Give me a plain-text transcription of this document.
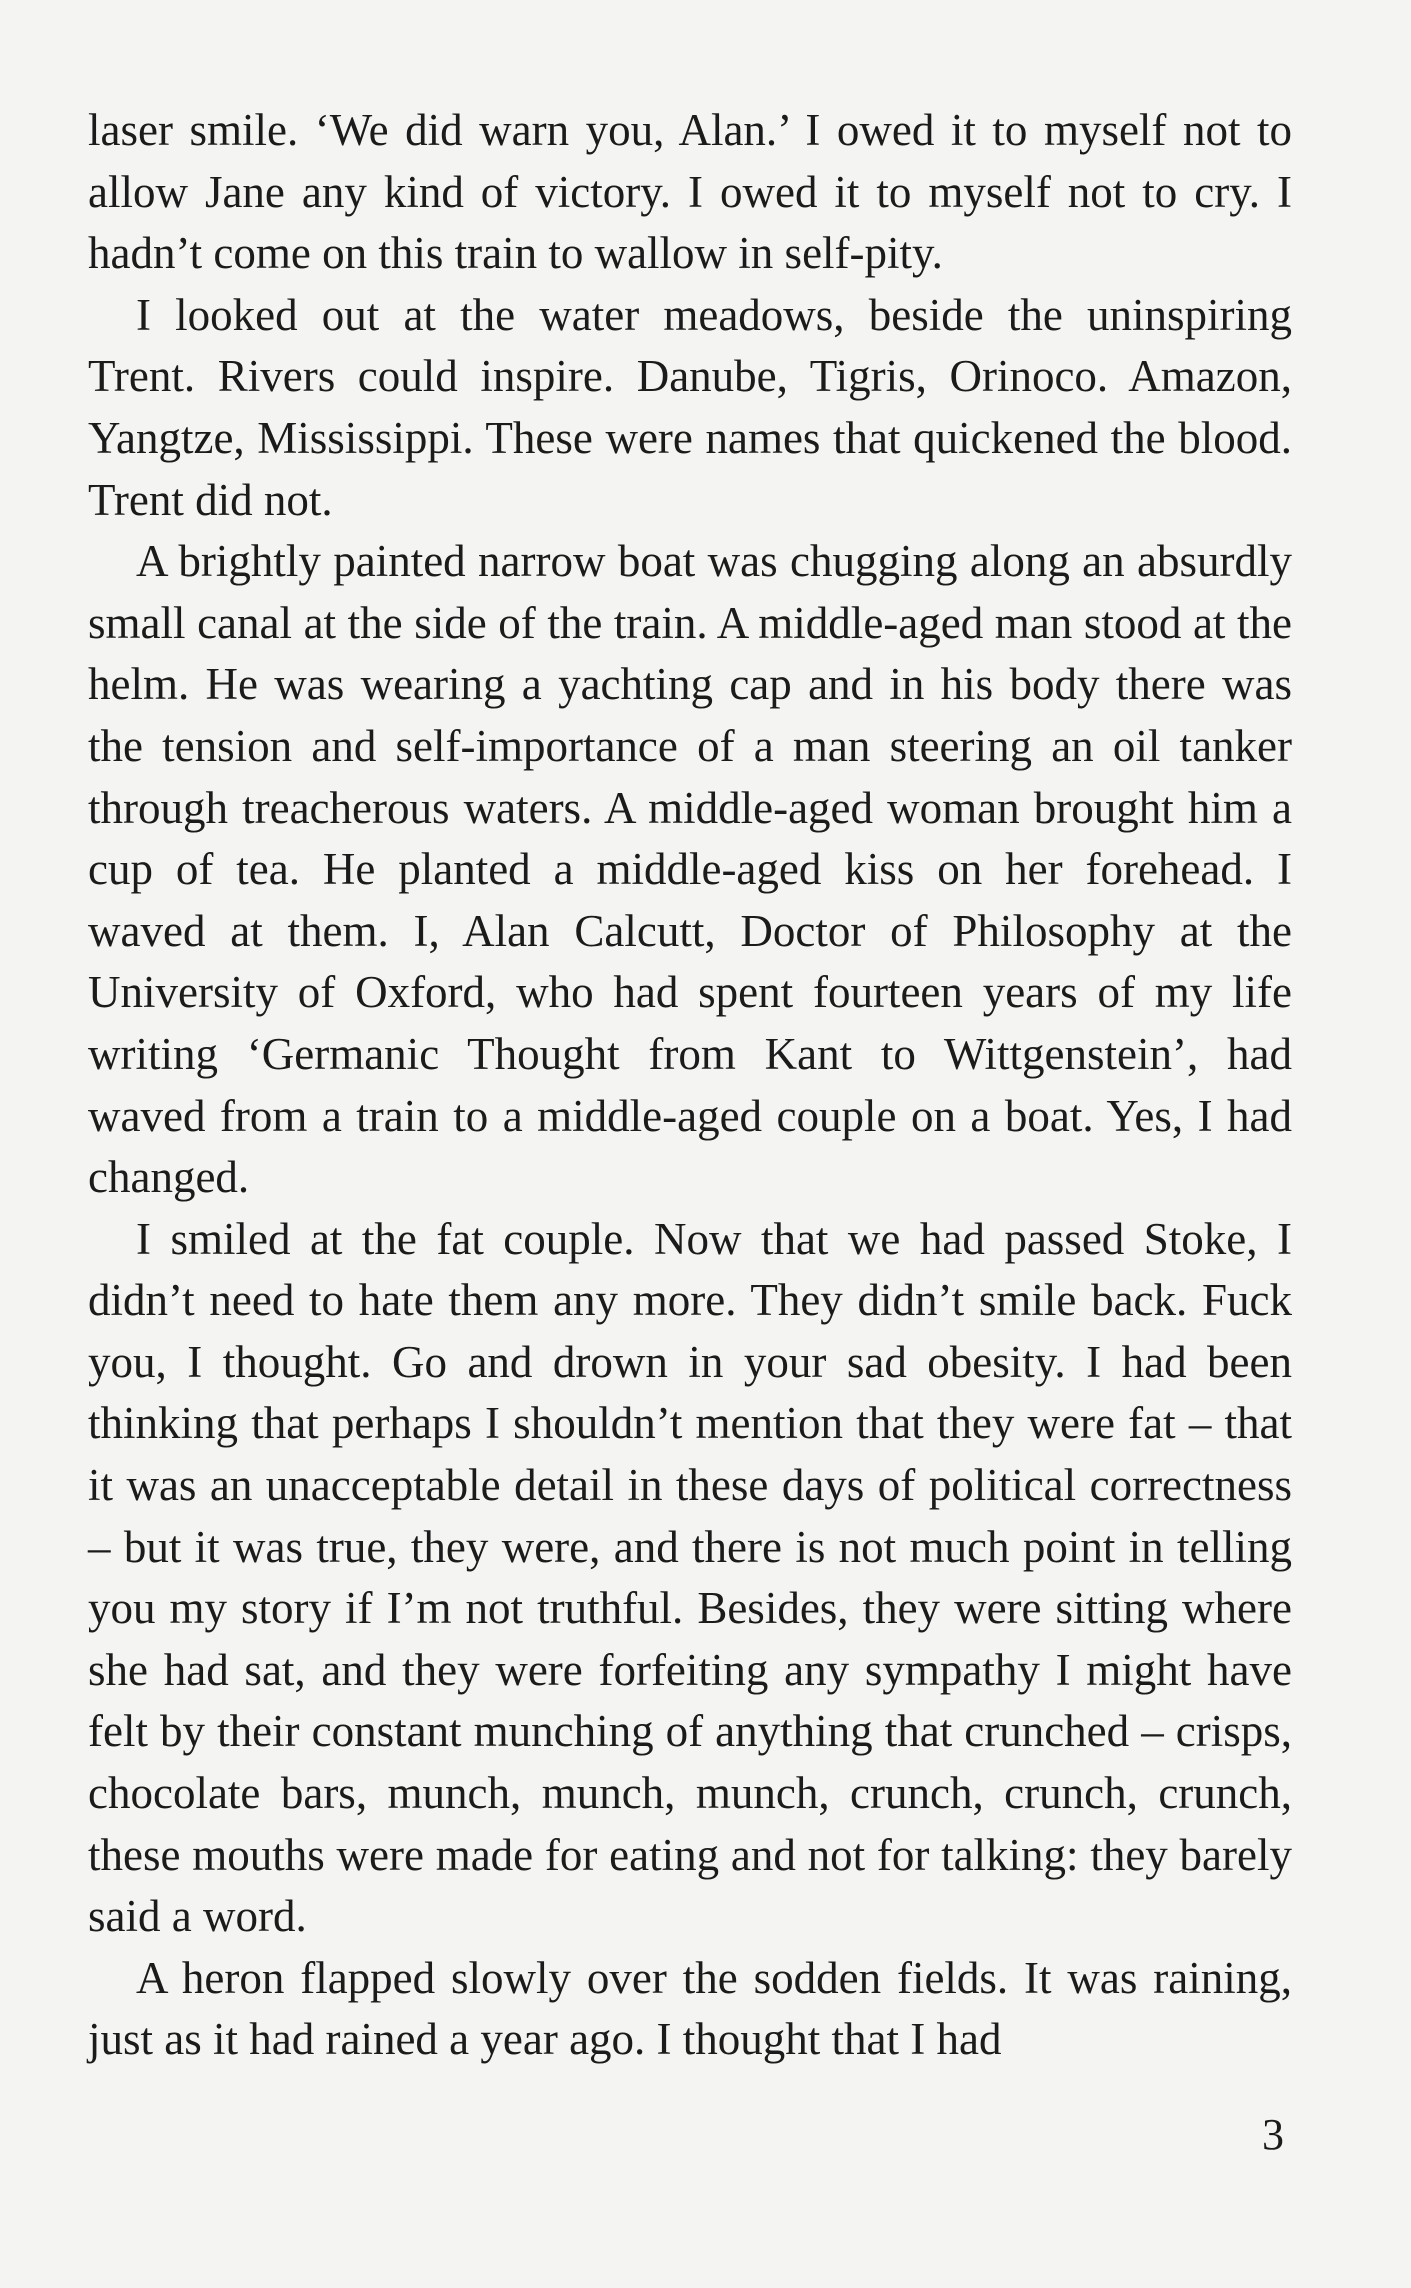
laser smile. ‘We did warn you, Alan.’ I owed it to myself not to allow Jane any kind of victory. I owed it to myself not to cry. I hadn’t come on this train to wallow in self-pity.

I looked out at the water meadows, beside the uninspiring Trent. Rivers could inspire. Danube, Tigris, Orinoco. Amazon, Yangtze, Mississippi. These were names that quickened the blood. Trent did not.

A brightly painted narrow boat was chugging along an absurdly small canal at the side of the train. A middle-aged man stood at the helm. He was wearing a yachting cap and in his body there was the tension and self-importance of a man steering an oil tanker through treacherous waters. A middle-aged woman brought him a cup of tea. He planted a middle-aged kiss on her forehead. I waved at them. I, Alan Calcutt, Doctor of Philosophy at the University of Oxford, who had spent fourteen years of my life writing ‘Germanic Thought from Kant to Wittgenstein’, had waved from a train to a middle-aged couple on a boat. Yes, I had changed.

I smiled at the fat couple. Now that we had passed Stoke, I didn’t need to hate them any more. They didn’t smile back. Fuck you, I thought. Go and drown in your sad obesity. I had been thinking that perhaps I shouldn’t mention that they were fat – that it was an unacceptable detail in these days of political correctness – but it was true, they were, and there is not much point in telling you my story if I’m not truthful. Besides, they were sitting where she had sat, and they were forfeiting any sympathy I might have felt by their constant munching of anything that crunched – crisps, chocolate bars, munch, munch, munch, crunch, crunch, crunch, these mouths were made for eating and not for talking: they barely said a word.

A heron flapped slowly over the sodden fields. It was raining, just as it had rained a year ago. I thought that I had

3
